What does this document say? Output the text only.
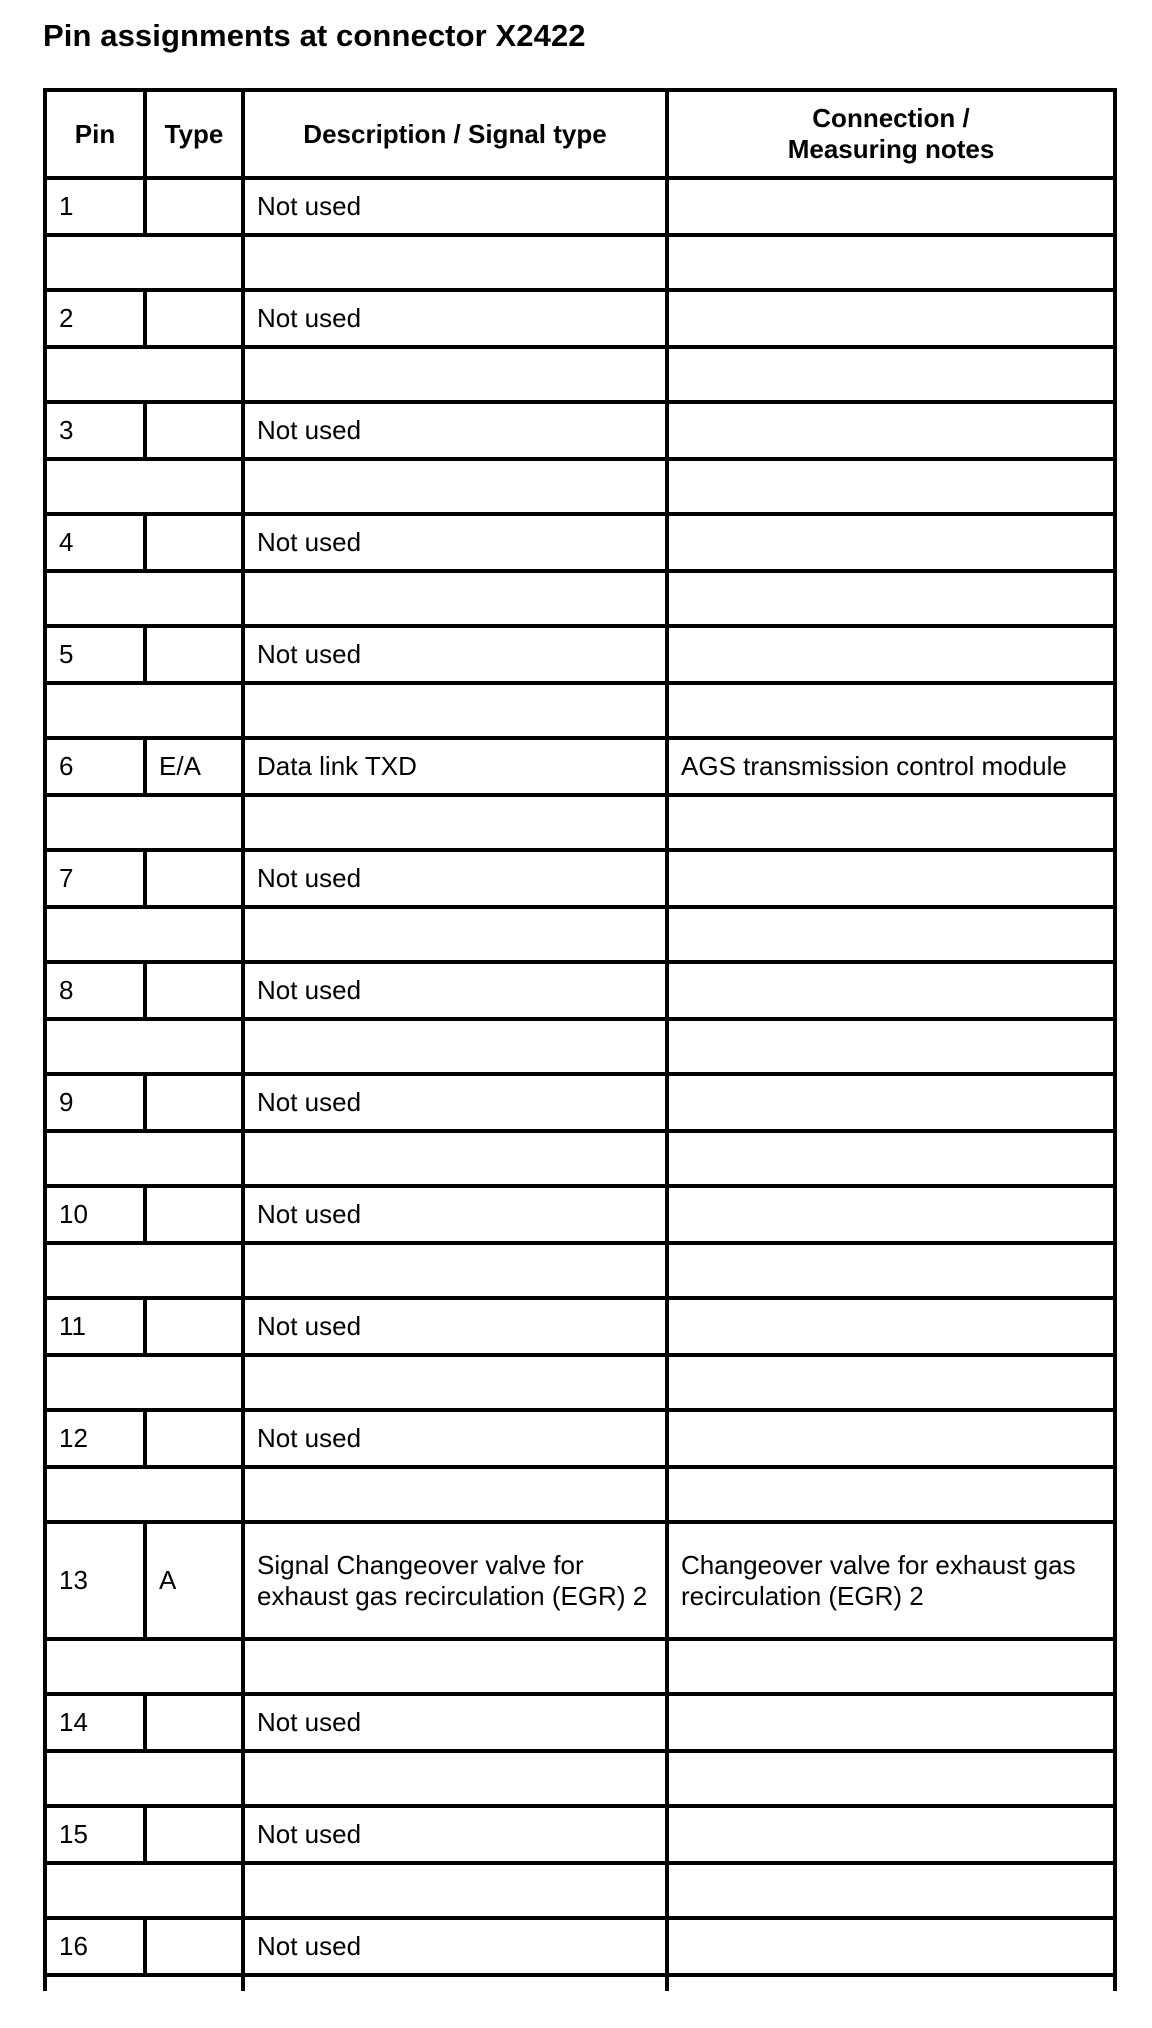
Pin assignments at connector X2422
Pin	Type	Description / Signal type	Connection /
Measuring notes
1		Not used	

2		Not used	

3		Not used	

4		Not used	

5		Not used	

6	E/A	Data link TXD	AGS transmission control module

7		Not used	

8		Not used	

9		Not used	

10		Not used	

11		Not used	

12		Not used	

13	A	Signal Changeover valve for exhaust gas recirculation (EGR) 2	Changeover valve for exhaust gas recirculation (EGR) 2

14		Not used	

15		Not used	

16		Not used	
